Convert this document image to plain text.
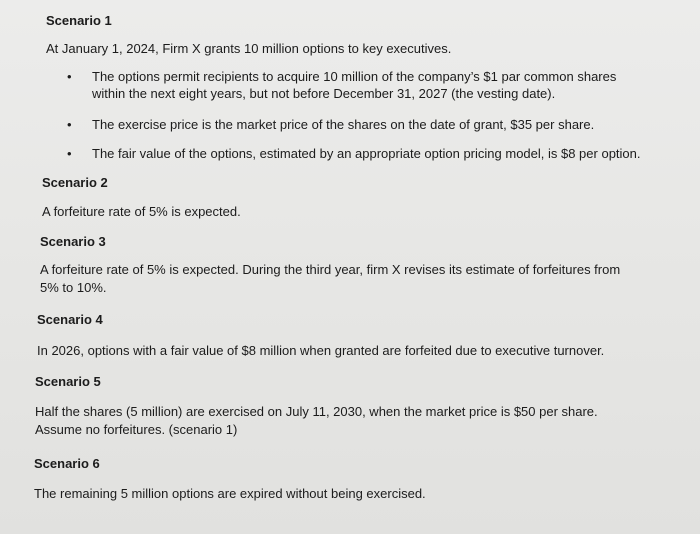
Scenario 1
At January 1, 2024, Firm X grants 10 million options to key executives.
• The options permit recipients to acquire 10 million of the company’s $1 par common shares
within the next eight years, but not before December 31, 2027 (the vesting date).
• The exercise price is the market price of the shares on the date of grant, $35 per share.
• The fair value of the options, estimated by an appropriate option pricing model, is $8 per option.
Scenario 2
A forfeiture rate of 5% is expected.
Scenario 3
A forfeiture rate of 5% is expected. During the third year, firm X revises its estimate of forfeitures from
5% to 10%.
Scenario 4
In 2026, options with a fair value of $8 million when granted are forfeited due to executive turnover.
Scenario 5
Half the shares (5 million) are exercised on July 11, 2030, when the market price is $50 per share.
Assume no forfeitures. (scenario 1)
Scenario 6
The remaining 5 million options are expired without being exercised.
